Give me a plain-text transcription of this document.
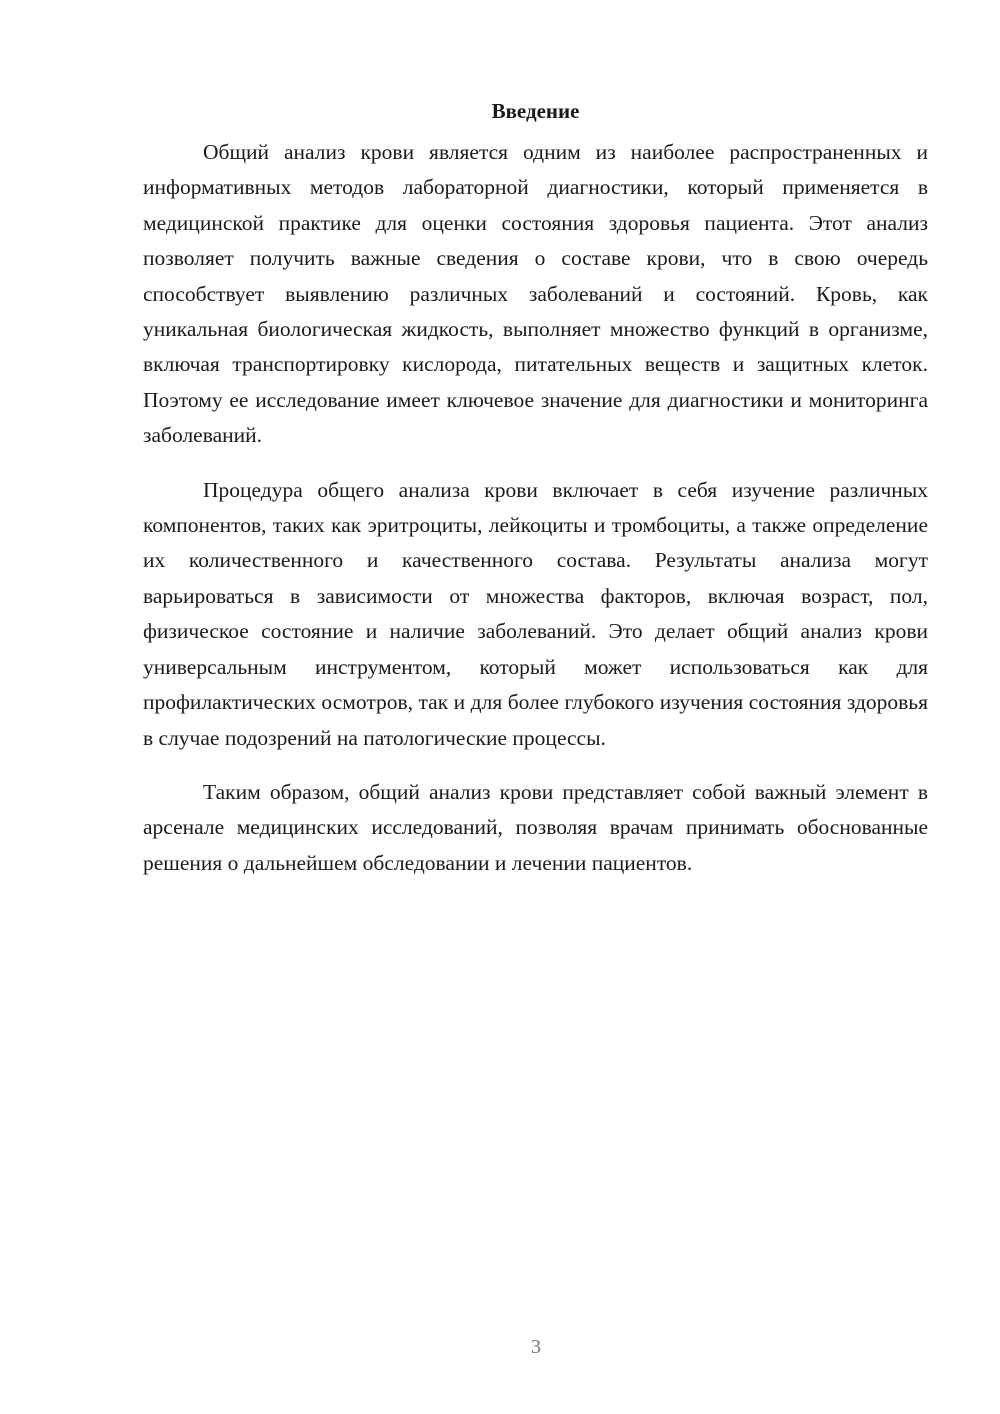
Введение

Общий анализ крови является одним из наиболее распространенных и информативных методов лабораторной диагностики, который применяется в медицинской практике для оценки состояния здоровья пациента. Этот анализ позволяет получить важные сведения о составе крови, что в свою очередь способствует выявлению различных заболеваний и состояний. Кровь, как уникальная биологическая жидкость, выполняет множество функций в организме, включая транспортировку кислорода, питательных веществ и защитных клеток. Поэтому ее исследование имеет ключевое значение для диагностики и мониторинга заболеваний.

Процедура общего анализа крови включает в себя изучение различных компонентов, таких как эритроциты, лейкоциты и тромбоциты, а также определение их количественного и качественного состава. Результаты анализа могут варьироваться в зависимости от множества факторов, включая возраст, пол, физическое состояние и наличие заболеваний. Это делает общий анализ крови универсальным инструментом, который может использоваться как для профилактических осмотров, так и для более глубокого изучения состояния здоровья в случае подозрений на патологические процессы.

Таким образом, общий анализ крови представляет собой важный элемент в арсенале медицинских исследований, позволяя врачам принимать обоснованные решения о дальнейшем обследовании и лечении пациентов.

3
